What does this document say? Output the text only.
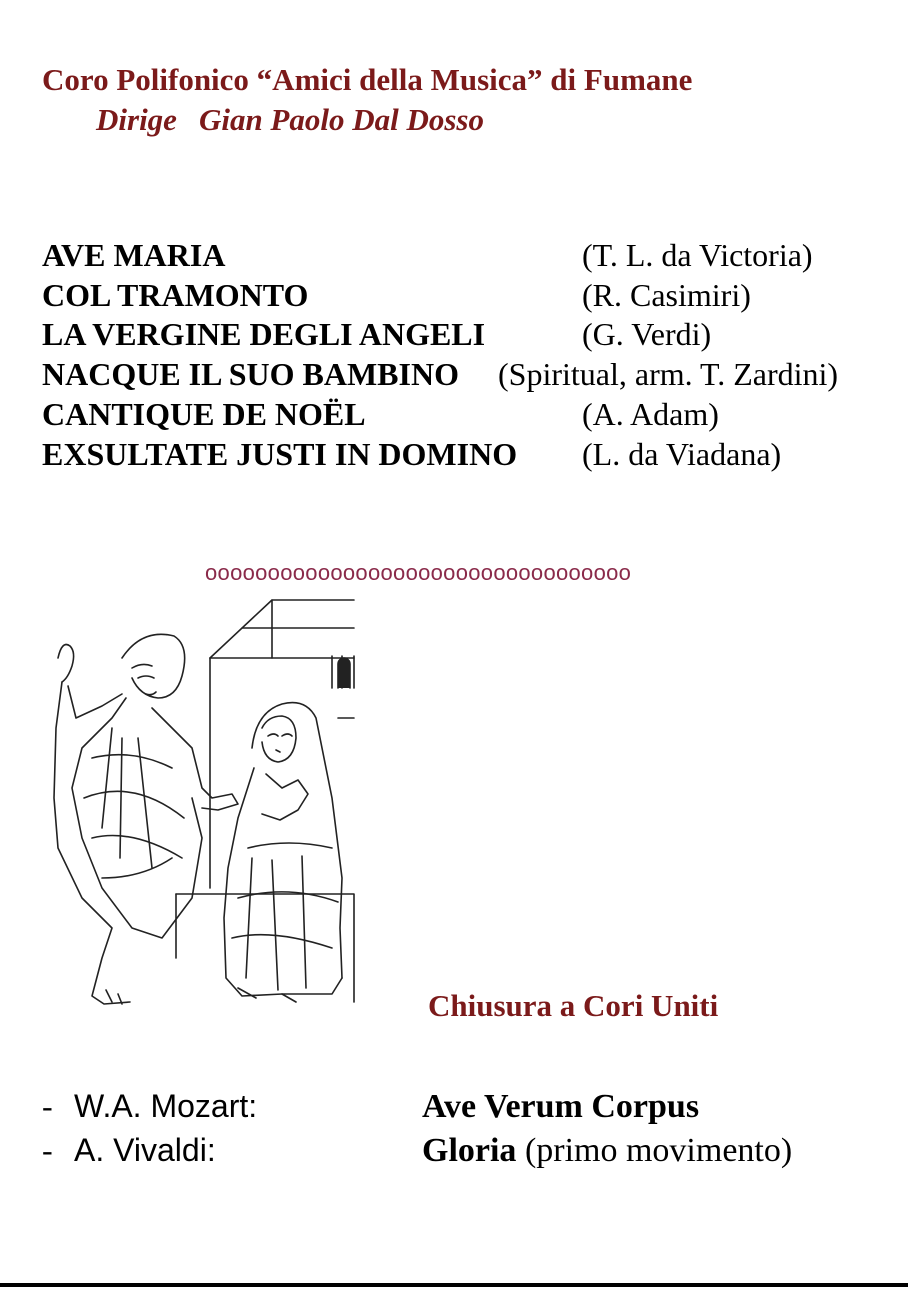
Coro Polifonico “Amici della Musica” di Fumane
Dirige Gian Paolo Dal Dosso
AVE MARIA	(T. L. da Victoria)
COL TRAMONTO	(R. Casimiri)
LA VERGINE DEGLI ANGELI	(G. Verdi)
NACQUE IL SUO BAMBINO (Spiritual, arm. T. Zardini)
CANTIQUE DE NOËL	(A. Adam)
EXSULTATE JUSTI IN DOMINO (L. da Viadana)
oooooooooooooooooooooooooooooooooo
Chiusura a Cori Uniti
- W.A. Mozart:	Ave Verum Corpus
- A. Vivaldi:	Gloria (primo movimento)
